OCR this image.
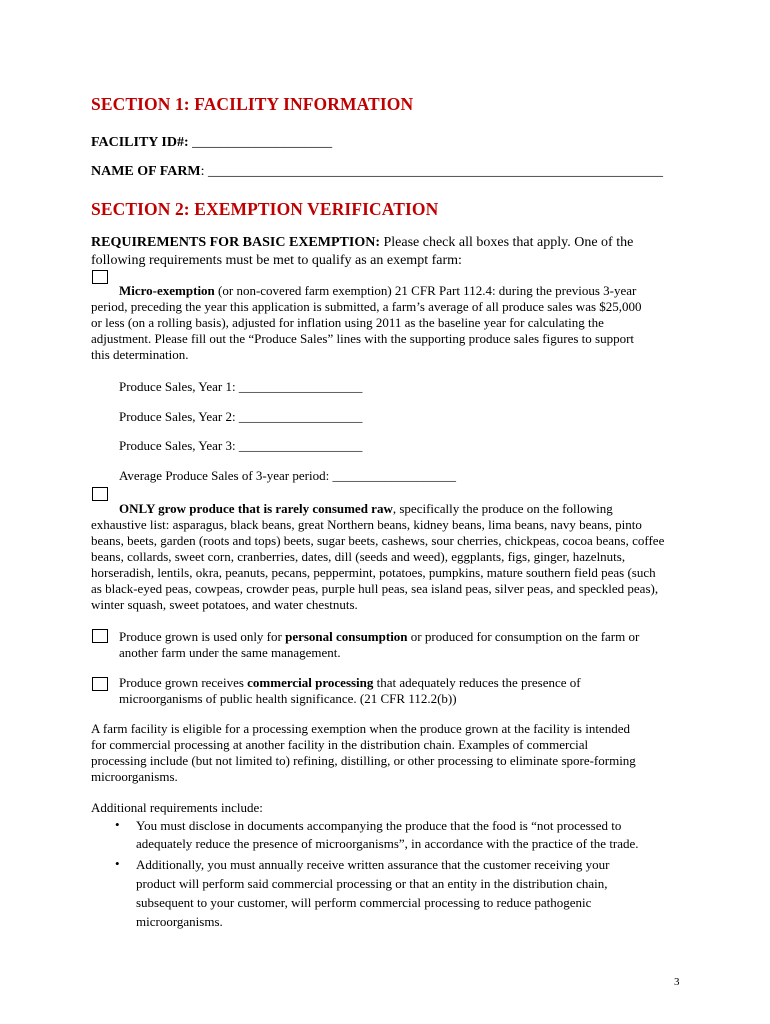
SECTION 1: FACILITY INFORMATION
FACILITY ID#: ____________________
NAME OF FARM: _________________________________________________________________
SECTION 2: EXEMPTION VERIFICATION
REQUIREMENTS FOR BASIC EXEMPTION: Please check all boxes that apply. One of the
following requirements must be met to qualify as an exempt farm:
Micro-exemption (or non-covered farm exemption) 21 CFR Part 112.4: during the previous 3-year
period, preceding the year this application is submitted, a farm’s average of all produce sales was $25,000
or less (on a rolling basis), adjusted for inflation using 2011 as the baseline year for calculating the
adjustment. Please fill out the “Produce Sales” lines with the supporting produce sales figures to support
this determination.
Produce Sales, Year 1: ___________________
Produce Sales, Year 2: ___________________
Produce Sales, Year 3: ___________________
Average Produce Sales of 3-year period: ___________________
ONLY grow produce that is rarely consumed raw, specifically the produce on the following
exhaustive list: asparagus, black beans, great Northern beans, kidney beans, lima beans, navy beans, pinto
beans, beets, garden (roots and tops) beets, sugar beets, cashews, sour cherries, chickpeas, cocoa beans, coffee
beans, collards, sweet corn, cranberries, dates, dill (seeds and weed), eggplants, figs, ginger, hazelnuts,
horseradish, lentils, okra, peanuts, pecans, peppermint, potatoes, pumpkins, mature southern field peas (such
as black-eyed peas, cowpeas, crowder peas, purple hull peas, sea island peas, silver peas, and speckled peas),
winter squash, sweet potatoes, and water chestnuts.
Produce grown is used only for personal consumption or produced for consumption on the farm or
another farm under the same management.
Produce grown receives commercial processing that adequately reduces the presence of
microorganisms of public health significance. (21 CFR 112.2(b))
A farm facility is eligible for a processing exemption when the produce grown at the facility is intended
for commercial processing at another facility in the distribution chain. Examples of commercial
processing include (but not limited to) refining, distilling, or other processing to eliminate spore-forming
microorganisms.
Additional requirements include:
• You must disclose in documents accompanying the produce that the food is “not processed to
adequately reduce the presence of microorganisms”, in accordance with the practice of the trade.
• Additionally, you must annually receive written assurance that the customer receiving your
product will perform said commercial processing or that an entity in the distribution chain,
subsequent to your customer, will perform commercial processing to reduce pathogenic
microorganisms.
3
